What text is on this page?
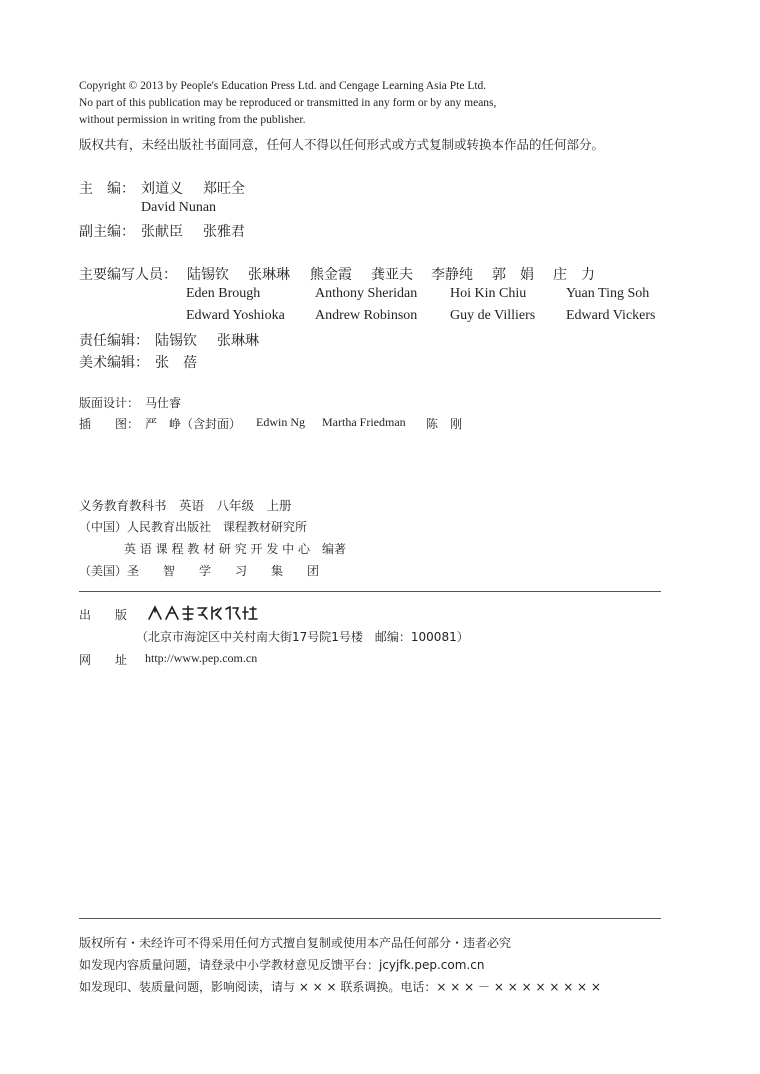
Copyright © 2013 by People's Education Press Ltd. and Cengage Learning Asia Pte Ltd.
No part of this publication may be reproduced or transmitted in any form or by any means,
without permission in writing from the publisher.
版权共有，未经出版社书面同意，任何人不得以任何形式或方式复制或转换本作品的任何部分。
主　编： 刘道义 郑旺全
David Nunan
副主编： 张献臣 张雅君
主要编写人员： 陆锡钦 张琳琳 熊金霞 龚亚夫 李静纯 郭　娟 庄　力
Eden Brough	Anthony Sheridan Hoi Kin Chiu	Yuan Ting Soh
Edward Yoshioka Andrew Robinson Guy de Villiers Edward Vickers
责任编辑： 陆锡钦 张琳琳
美术编辑： 张　蓓
版面设计： 马仕睿
插　　图： 严　峥（含封面） Edwin Ng Martha Friedman 陈　刚
义务教育教科书　英语　八年级　上册
（中国）人民教育出版社　课程教材研究所
英 语 课 程 教 材 研 究 开 发 中 心　编著
（美国）圣　　智　　学　　习　　集　　团
出　　版
（北京市海淀区中关村南大街17号院1号楼　邮编：100081）
网　　址 http://www.pep.com.cn
版权所有・未经许可不得采用任何方式擅自复制或使用本产品任何部分・违者必究
如发现内容质量问题，请登录中小学教材意见反馈平台：jcyjfk.pep.com.cn
如发现印、装质量问题，影响阅读，请与 × × × 联系调换。电话：× × × － × × × × × × × ×
